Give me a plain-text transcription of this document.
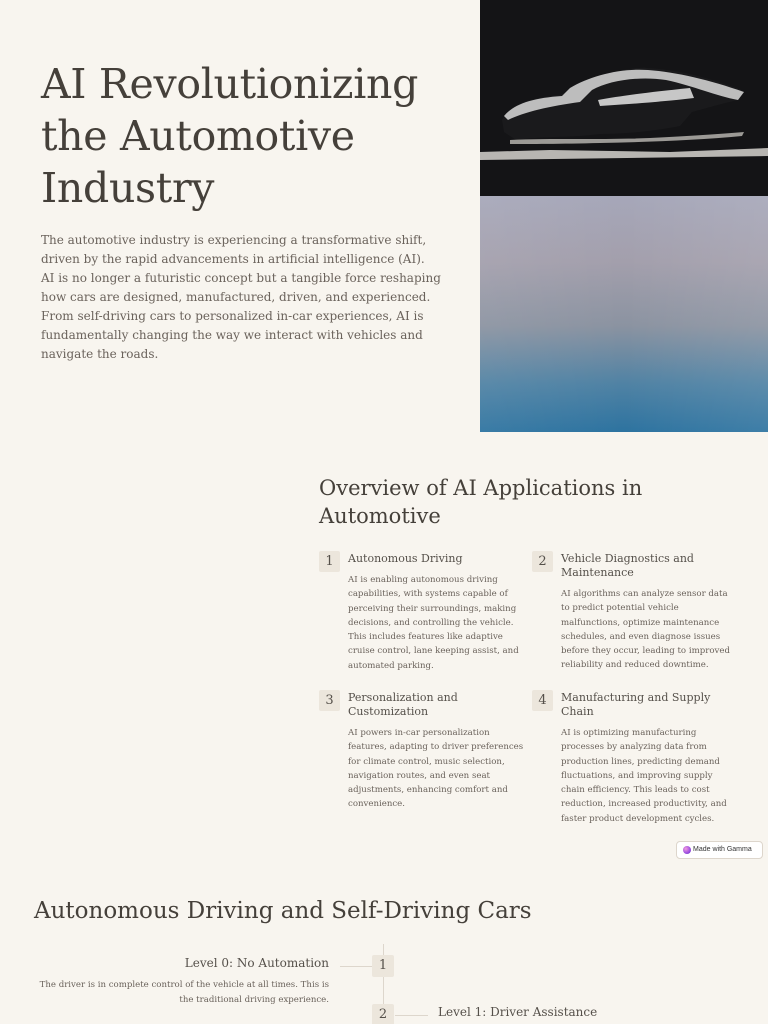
AI Revolutionizing the Automotive Industry

The automotive industry is experiencing a transformative shift, driven by the rapid advancements in artificial intelligence (AI). AI is no longer a futuristic concept but a tangible force reshaping how cars are designed, manufactured, driven, and experienced. From self-driving cars to personalized in-car experiences, AI is fundamentally changing the way we interact with vehicles and navigate the roads.

Overview of AI Applications in Automotive
1	Autonomous Driving
AI is enabling autonomous driving capabilities, with systems capable of perceiving their surroundings, making decisions, and controlling the vehicle. This includes features like adaptive cruise control, lane keeping assist, and automated parking.
2	Vehicle Diagnostics and Maintenance
AI algorithms can analyze sensor data to predict potential vehicle malfunctions, optimize maintenance schedules, and even diagnose issues before they occur, leading to improved reliability and reduced downtime.
3	Personalization and Customization
AI powers in-car personalization features, adapting to driver preferences for climate control, music selection, navigation routes, and even seat adjustments, enhancing comfort and convenience.
4	Manufacturing and Supply Chain
AI is optimizing manufacturing processes by analyzing data from production lines, predicting demand fluctuations, and improving supply chain efficiency. This leads to cost reduction, increased productivity, and faster product development cycles.
Made with Gamma
Autonomous Driving and Self-Driving Cars
1
Level 0: No Automation
The driver is in complete control of the vehicle at all times. This is the traditional driving experience.
2	Level 1: Driver Assistance
